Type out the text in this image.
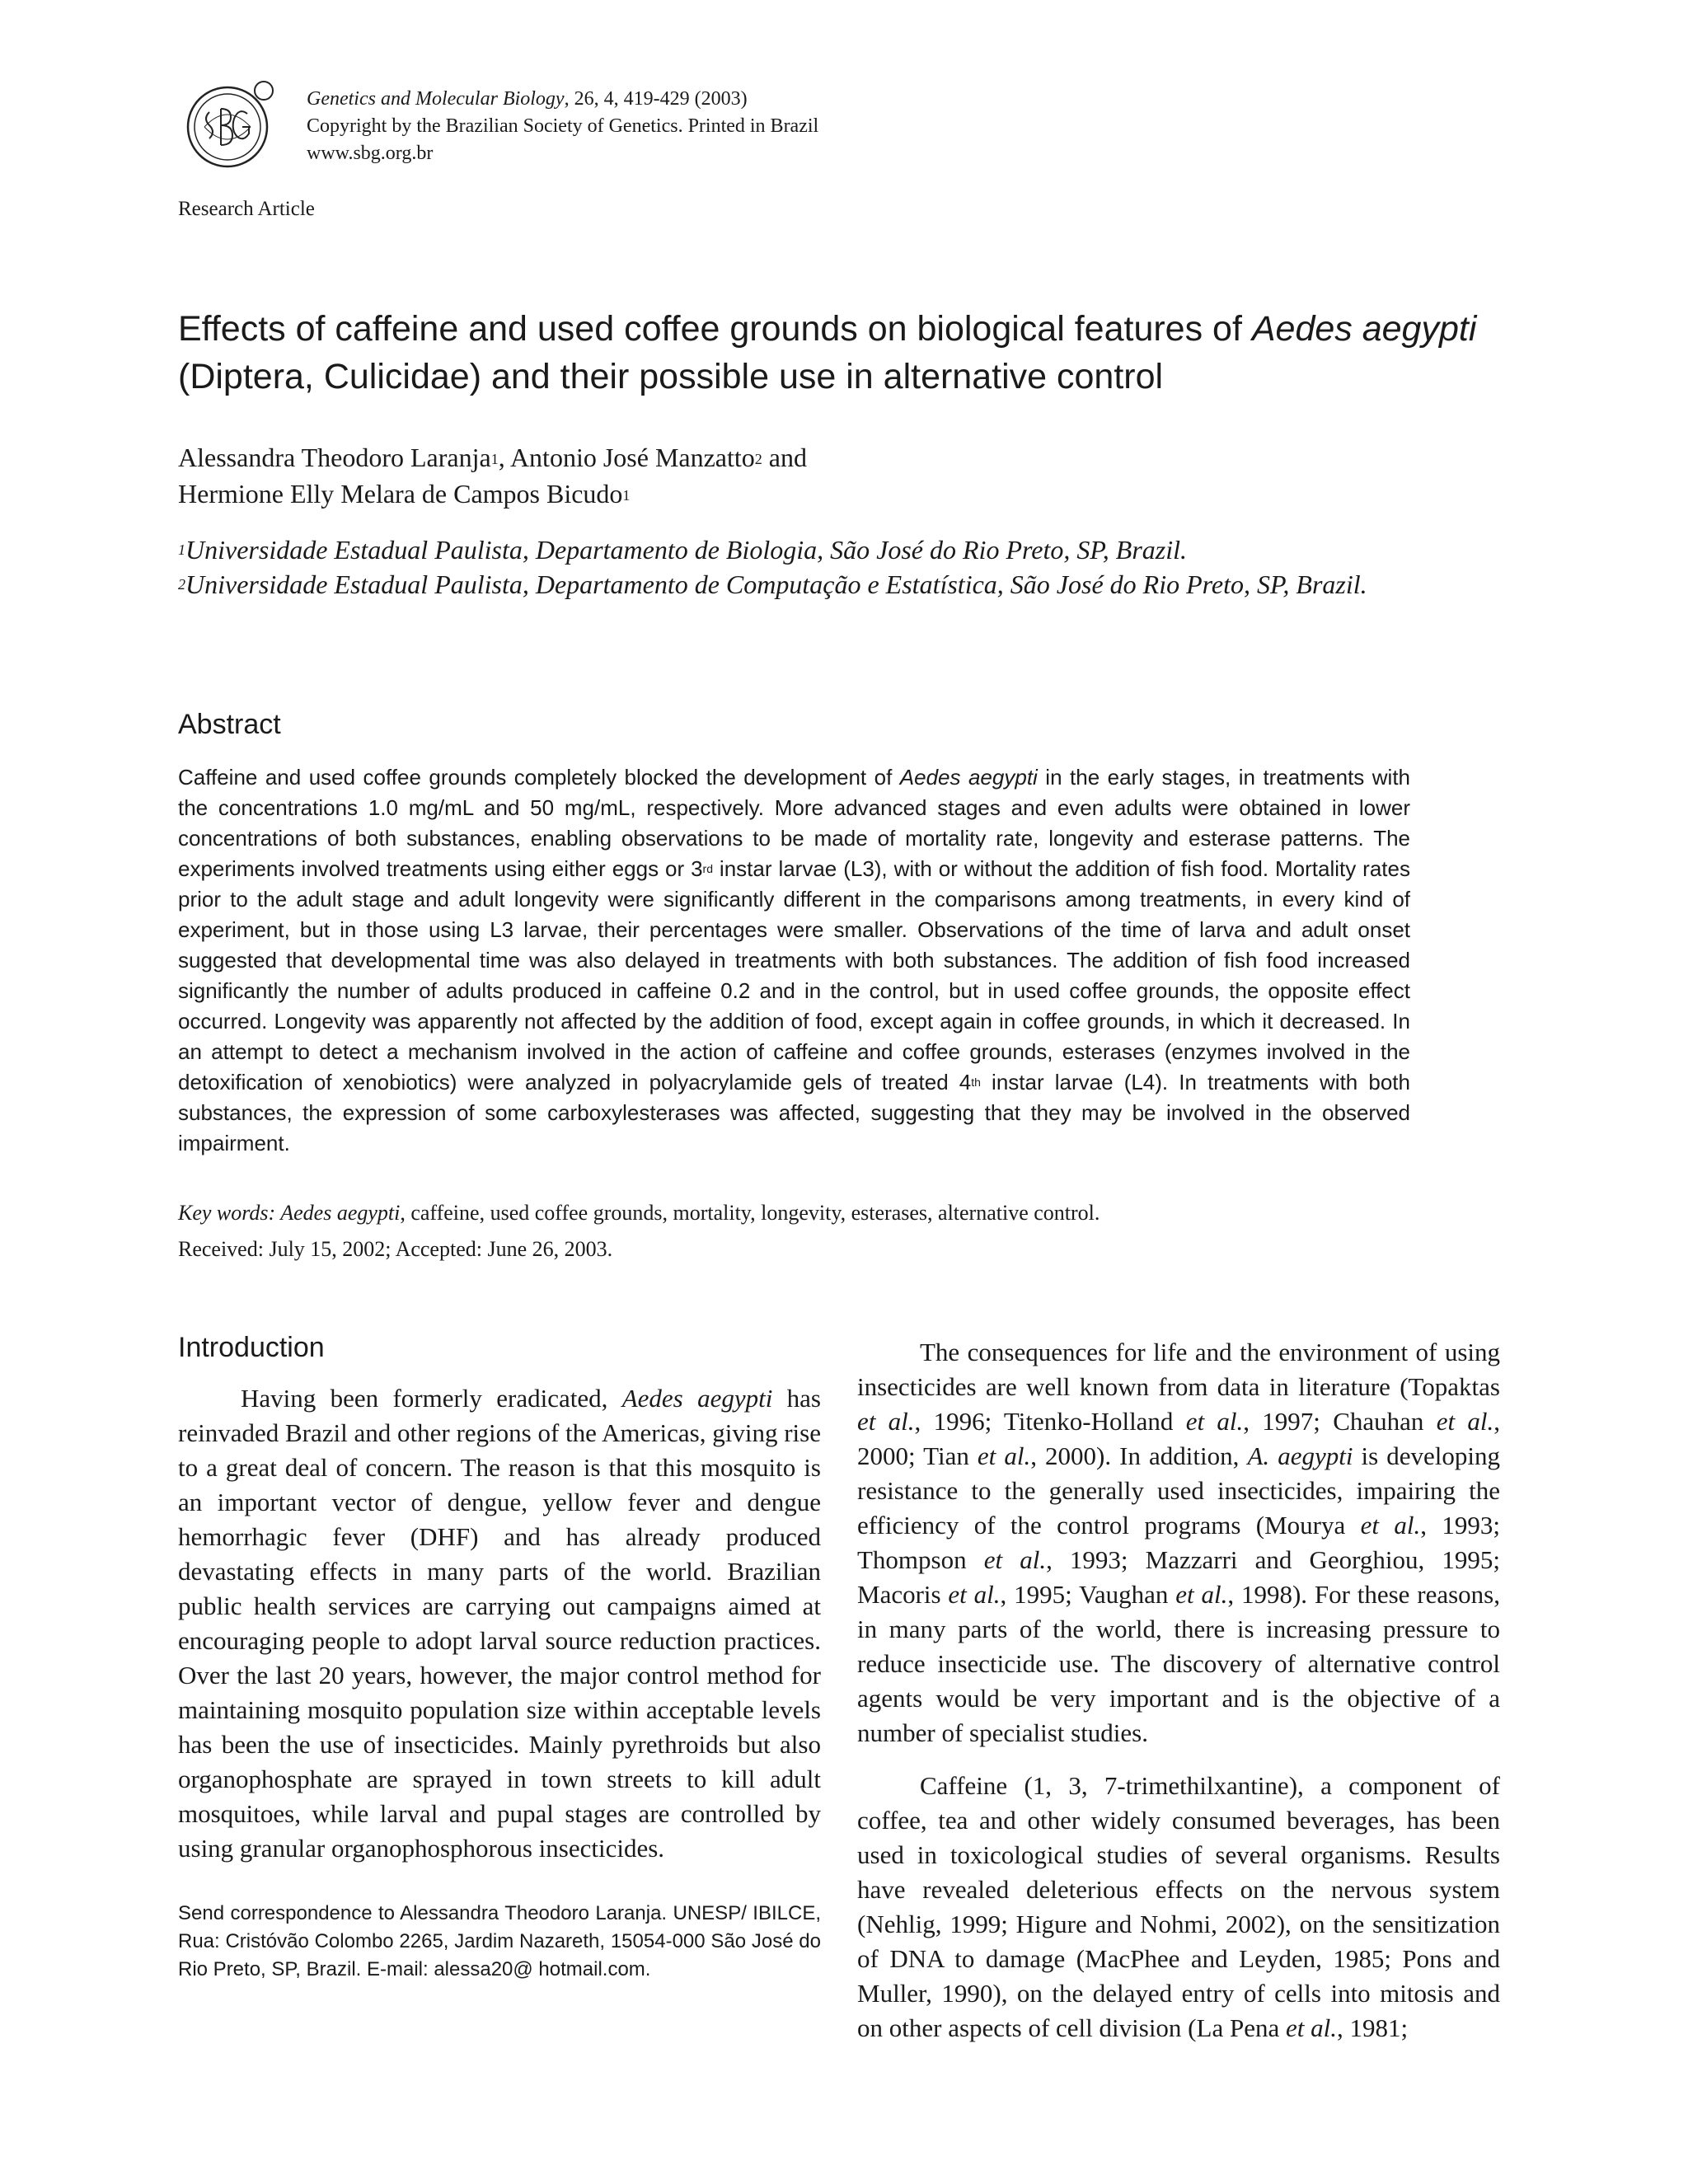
Genetics and Molecular Biology, 26, 4, 419-429 (2003)
Copyright by the Brazilian Society of Genetics. Printed in Brazil
www.sbg.org.br
Research Article
Effects of caffeine and used coffee grounds on biological features of Aedes aegypti (Diptera, Culicidae) and their possible use in alternative control
Alessandra Theodoro Laranja$^1$, Antonio José Manzatto$^2$ and
Hermione Elly Melara de Campos Bicudo$^1$
$^1$Universidade Estadual Paulista, Departamento de Biologia, São José do Rio Preto, SP, Brazil.
$^2$Universidade Estadual Paulista, Departamento de Computação e Estatística, São José do Rio Preto, SP, Brazil.
Abstract
Caffeine and used coffee grounds completely blocked the development of Aedes aegypti in the early stages, in treatments with the concentrations 1.0 mg/mL and 50 mg/mL, respectively. More advanced stages and even adults were obtained in lower concentrations of both substances, enabling observations to be made of mortality rate, longevity and esterase patterns. The experiments involved treatments using either eggs or 3rd instar larvae (L3), with or without the addition of fish food. Mortality rates prior to the adult stage and adult longevity were significantly different in the comparisons among treatments, in every kind of experiment, but in those using L3 larvae, their percentages were smaller. Observations of the time of larva and adult onset suggested that developmental time was also delayed in treatments with both substances. The addition of fish food increased significantly the number of adults produced in caffeine 0.2 and in the control, but in used coffee grounds, the opposite effect occurred. Longevity was apparently not affected by the addition of food, except again in coffee grounds, in which it decreased. In an attempt to detect a mechanism involved in the action of caffeine and coffee grounds, esterases (enzymes involved in the detoxification of xenobiotics) were analyzed in polyacrylamide gels of treated 4th instar larvae (L4). In treatments with both substances, the expression of some carboxylesterases was affected, suggesting that they may be involved in the observed impairment.
Key words: Aedes aegypti, caffeine, used coffee grounds, mortality, longevity, esterases, alternative control.
Received: July 15, 2002; Accepted: June 26, 2003.
Introduction

Having been formerly eradicated, Aedes aegypti has reinvaded Brazil and other regions of the Americas, giving rise to a great deal of concern. The reason is that this mosquito is an important vector of dengue, yellow fever and dengue hemorrhagic fever (DHF) and has already produced devastating effects in many parts of the world. Brazilian public health services are carrying out campaigns aimed at encouraging people to adopt larval source reduction practices. Over the last 20 years, however, the major control method for maintaining mosquito population size within acceptable levels has been the use of insecticides. Mainly pyrethroids but also organophosphate are sprayed in town streets to kill adult mosquitoes, while larval and pupal stages are controlled by using granular organophosphorous insecticides.

Send correspondence to Alessandra Theodoro Laranja. UNESP/ IBILCE, Rua: Cristóvão Colombo 2265, Jardim Nazareth, 15054-000 São José do Rio Preto, SP, Brazil. E-mail: alessa20@ hotmail.com.

The consequences for life and the environment of using insecticides are well known from data in literature (Topaktas et al., 1996; Titenko-Holland et al., 1997; Chauhan et al., 2000; Tian et al., 2000). In addition, A. aegypti is developing resistance to the generally used insecticides, impairing the efficiency of the control programs (Mourya et al., 1993; Thompson et al., 1993; Mazzarri and Georghiou, 1995; Macoris et al., 1995; Vaughan et al., 1998). For these reasons, in many parts of the world, there is increasing pressure to reduce insecticide use. The discovery of alternative control agents would be very important and is the objective of a number of specialist studies.

Caffeine (1, 3, 7-trimethilxantine), a component of coffee, tea and other widely consumed beverages, has been used in toxicological studies of several organisms. Results have revealed deleterious effects on the nervous system (Nehlig, 1999; Higure and Nohmi, 2002), on the sensitization of DNA to damage (MacPhee and Leyden, 1985; Pons and Muller, 1990), on the delayed entry of cells into mitosis and on other aspects of cell division (La Pena et al., 1981;
